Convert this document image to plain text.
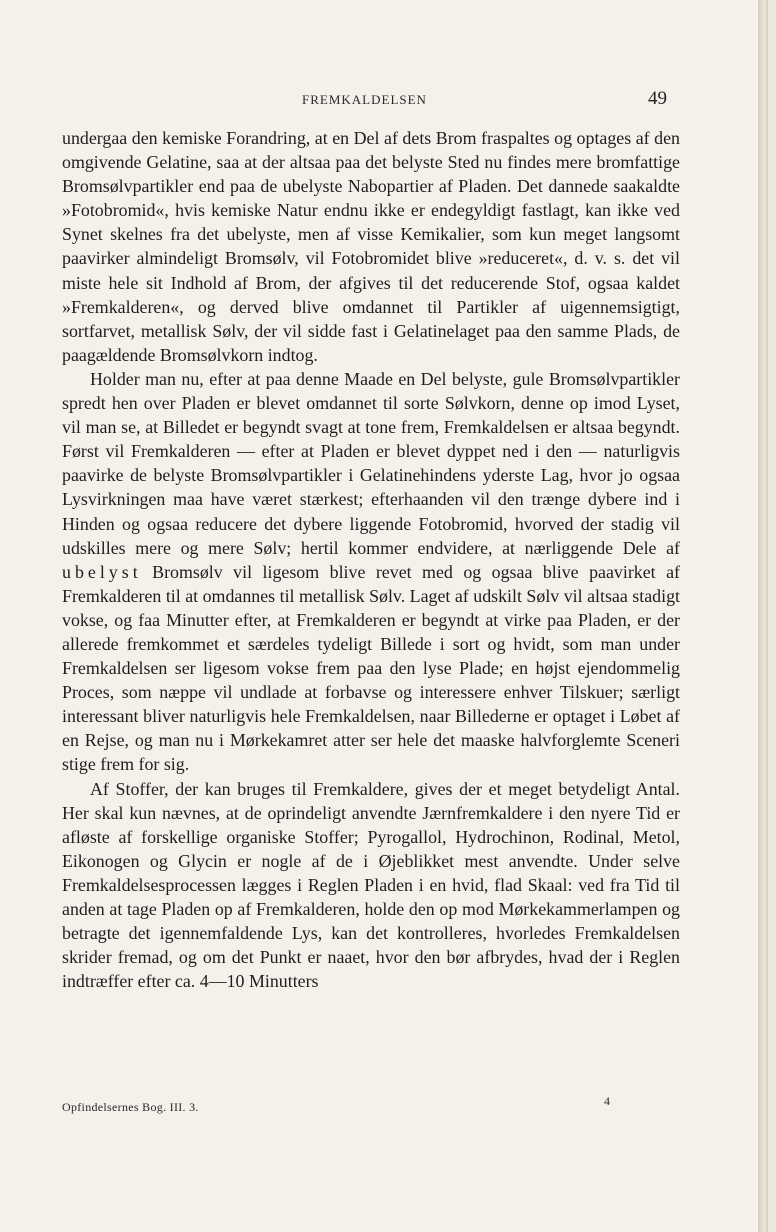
FREMKALDELSEN	49

undergaa den kemiske Forandring, at en Del af dets Brom fraspaltes og optages af den omgivende Gelatine, saa at der altsaa paa det belyste Sted nu findes mere bromfattige Bromsølvpartikler end paa de ubelyste Nabopartier af Pladen. Det dannede saakaldte »Fotobromid«, hvis kemiske Natur endnu ikke er endegyldigt fastlagt, kan ikke ved Synet skelnes fra det ubelyste, men af visse Kemikalier, som kun meget langsomt paavirker almindeligt Bromsølv, vil Fotobromidet blive »reduceret«, d. v. s. det vil miste hele sit Indhold af Brom, der afgives til det reducerende Stof, ogsaa kaldet »Fremkalderen«, og derved blive omdannet til Partikler af uigennemsigtigt, sortfarvet, metallisk Sølv, der vil sidde fast i Gelatinelaget paa den samme Plads, de paagældende Bromsølvkorn indtog.

Holder man nu, efter at paa denne Maade en Del belyste, gule Bromsølvpartikler spredt hen over Pladen er blevet omdannet til sorte Sølvkorn, denne op imod Lyset, vil man se, at Billedet er begyndt svagt at tone frem, Fremkaldelsen er altsaa begyndt. Først vil Fremkalderen — efter at Pladen er blevet dyppet ned i den — naturligvis paavirke de belyste Bromsølvpartikler i Gelatinehindens yderste Lag, hvor jo ogsaa Lysvirkningen maa have været stærkest; efterhaanden vil den trænge dybere ind i Hinden og ogsaa reducere det dybere liggende Fotobromid, hvorved der stadig vil udskilles mere og mere Sølv; hertil kommer endvidere, at nærliggende Dele af ubelyst Bromsølv vil ligesom blive revet med og ogsaa blive paavirket af Fremkalderen til at omdannes til metallisk Sølv. Laget af udskilt Sølv vil altsaa stadigt vokse, og faa Minutter efter, at Fremkalderen er begyndt at virke paa Pladen, er der allerede fremkommet et særdeles tydeligt Billede i sort og hvidt, som man under Fremkaldelsen ser ligesom vokse frem paa den lyse Plade; en højst ejendommelig Proces, som næppe vil undlade at forbavse og interessere enhver Tilskuer; særligt interessant bliver naturligvis hele Fremkaldelsen, naar Billederne er optaget i Løbet af en Rejse, og man nu i Mørkekamret atter ser hele det maaske halvforglemte Sceneri stige frem for sig.

Af Stoffer, der kan bruges til Fremkaldere, gives der et meget betydeligt Antal. Her skal kun nævnes, at de oprindeligt anvendte Jærnfremkaldere i den nyere Tid er afløste af forskellige organiske Stoffer; Pyrogallol, Hydrochinon, Rodinal, Metol, Eikonogen og Glycin er nogle af de i Øjeblikket mest anvendte. Under selve Fremkaldelsesprocessen lægges i Reglen Pladen i en hvid, flad Skaal: ved fra Tid til anden at tage Pladen op af Fremkalderen, holde den op mod Mørkekammerlampen og betragte det igennemfaldende Lys, kan det kontrolleres, hvorledes Fremkaldelsen skrider fremad, og om det Punkt er naaet, hvor den bør afbrydes, hvad der i Reglen indtræffer efter ca. 4—10 Minutters

Opfindelsernes Bog. III. 3.	4
